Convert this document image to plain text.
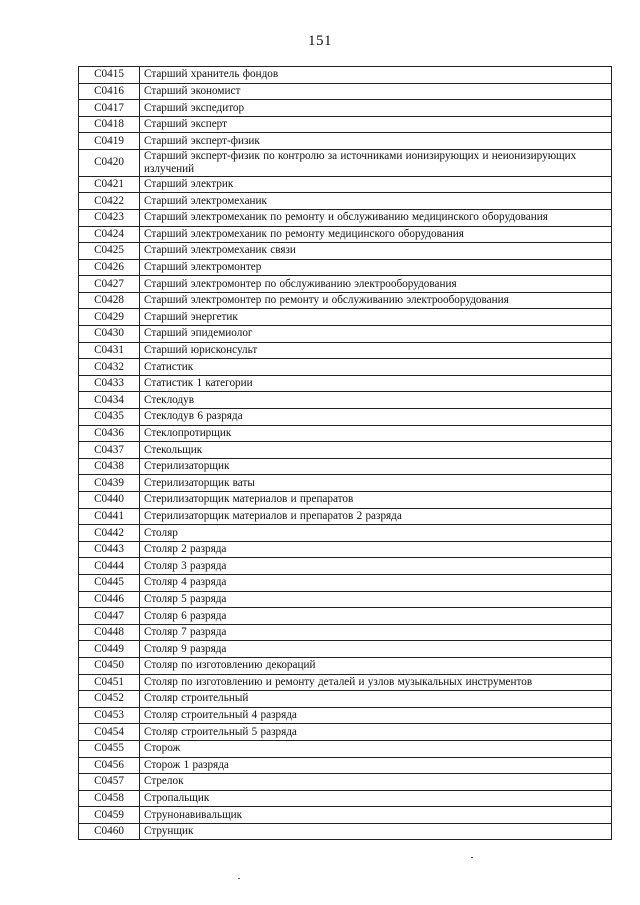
151
С0415	Старший хранитель фондов
С0416	Старший экономист
С0417	Старший экспедитор
С0418	Старший эксперт
С0419	Старший эксперт-физик
С0420	Старший эксперт-физик по контролю за источниками ионизирующих и неионизирующих излучений
С0421	Старший электрик
С0422	Старший электромеханик
С0423	Старший электромеханик по ремонту и обслуживанию медицинского оборудования
С0424	Старший электромеханик по ремонту медицинского оборудования
С0425	Старший электромеханик связи
С0426	Старший электромонтер
С0427	Старший электромонтер по обслуживанию электрооборудования
С0428	Старший электромонтер по ремонту и обслуживанию электрооборудования
С0429	Старший энергетик
С0430	Старший эпидемиолог
С0431	Старший юрисконсульт
С0432	Статистик
С0433	Статистик 1 категории
С0434	Стеклодув
С0435	Стеклодув 6 разряда
С0436	Стеклопротирщик
С0437	Стекольщик
С0438	Стерилизаторщик
С0439	Стерилизаторщик ваты
С0440	Стерилизаторщик материалов и препаратов
С0441	Стерилизаторщик материалов и препаратов 2 разряда
С0442	Столяр
С0443	Столяр 2 разряда
С0444	Столяр 3 разряда
С0445	Столяр 4 разряда
С0446	Столяр 5 разряда
С0447	Столяр 6 разряда
С0448	Столяр 7 разряда
С0449	Столяр 9 разряда
С0450	Столяр по изготовлению декораций
С0451	Столяр по изготовлению и ремонту деталей и узлов музыкальных инструментов
С0452	Столяр строительный
С0453	Столяр строительный 4 разряда
С0454	Столяр строительный 5 разряда
С0455	Сторож
С0456	Сторож 1 разряда
С0457	Стрелок
С0458	Стропальщик
С0459	Струнонавивальщик
С0460	Струнщик
